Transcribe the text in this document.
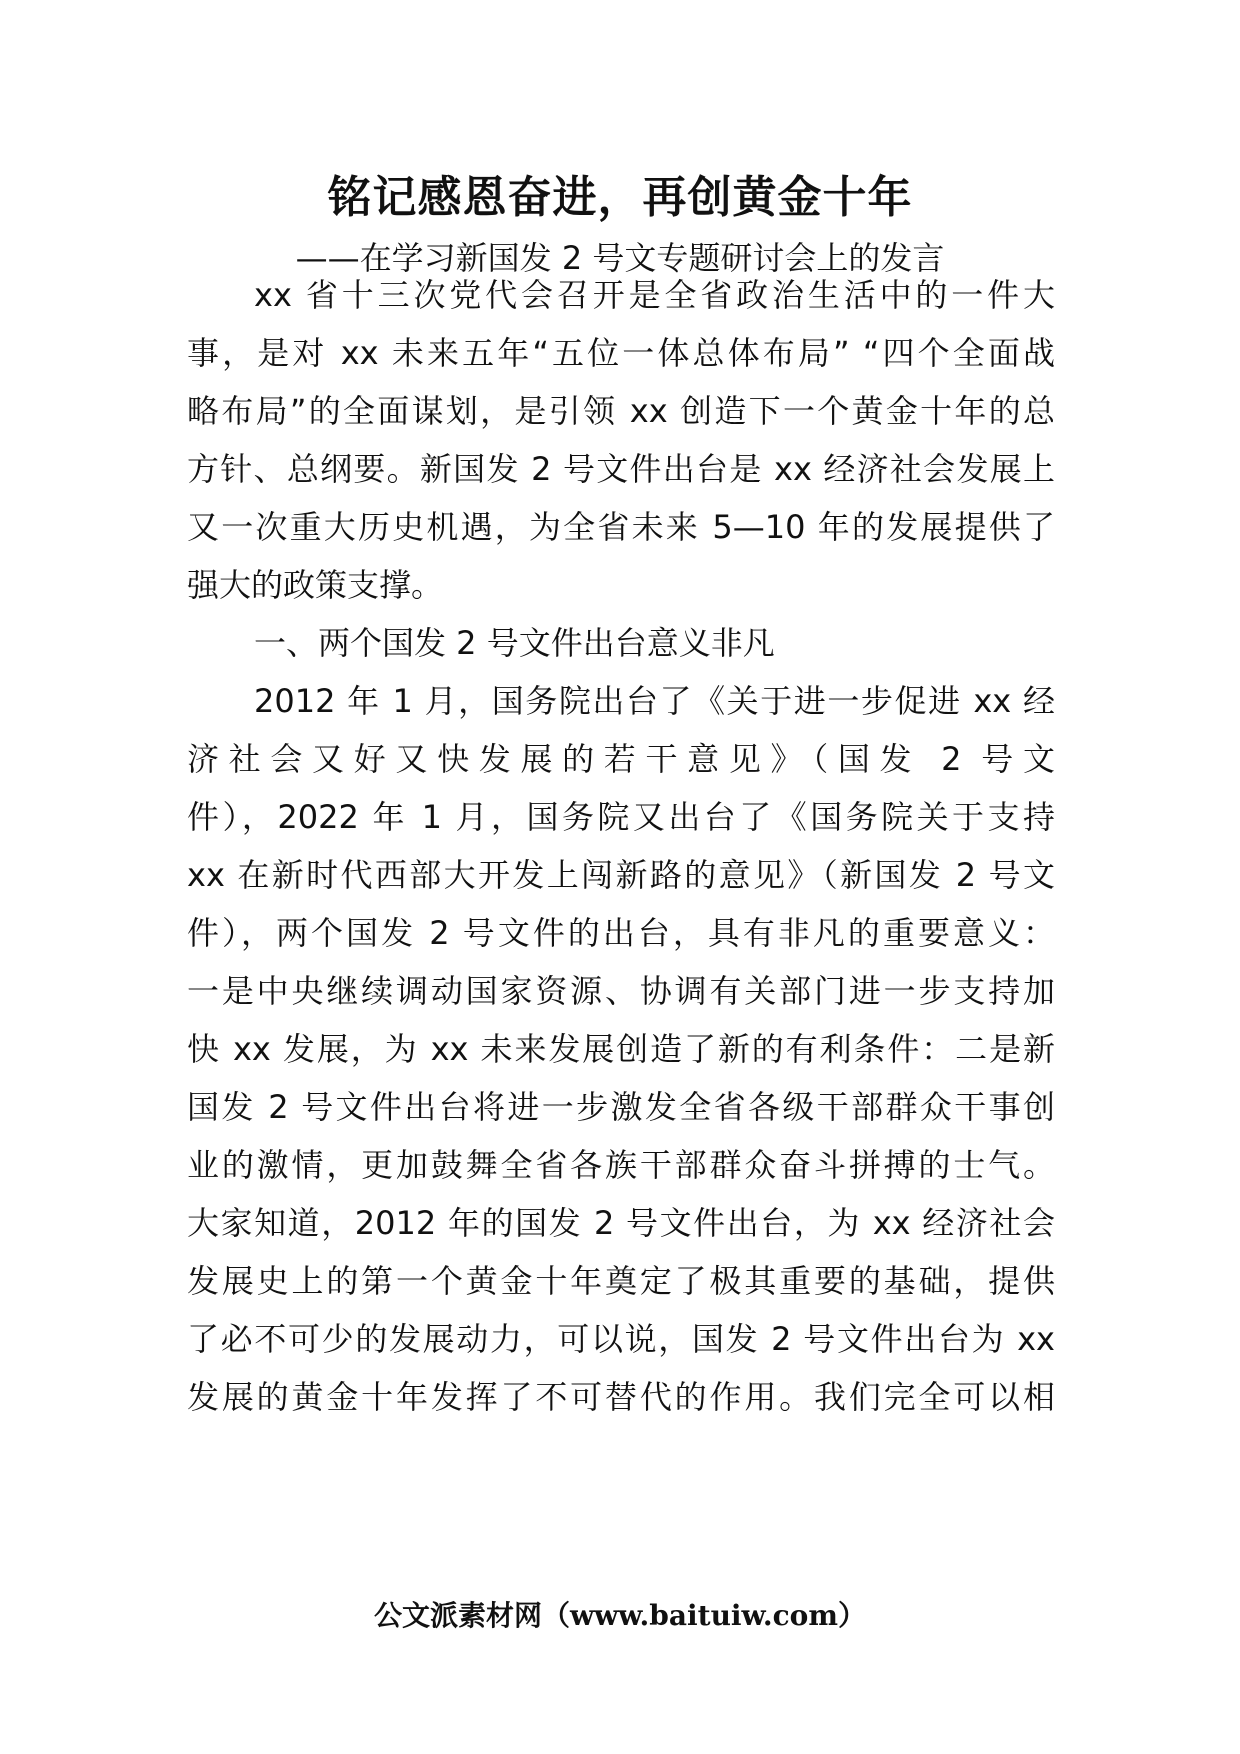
铭记感恩奋进，再创黄金十年
——在学习新国发 2 号文专题研讨会上的发言
xx 省十三次党代会召开是全省政治生活中的一件大
事，是对 xx 未来五年“五位一体总体布局” “四个全面战
略布局”的全面谋划，是引领 xx 创造下一个黄金十年的总
方针、总纲要。新国发 2 号文件出台是 xx 经济社会发展上
又一次重大历史机遇，为全省未来 5—10 年的发展提供了
强大的政策支撑。
一、两个国发 2 号文件出台意义非凡
2012 年 1 月，国务院出台了《关于进一步促进 xx 经
济社会又好又快发展的若干意见》（国发 2 号文
件），2022 年 1 月，国务院又出台了《国务院关于支持
xx 在新时代西部大开发上闯新路的意见》（新国发 2 号文
件），两个国发 2 号文件的出台，具有非凡的重要意义：
一是中央继续调动国家资源、协调有关部门进一步支持加
快 xx 发展，为 xx 未来发展创造了新的有利条件：二是新
国发 2 号文件出台将进一步激发全省各级干部群众干事创
业的激情，更加鼓舞全省各族干部群众奋斗拼搏的士气。
大家知道，2012 年的国发 2 号文件出台，为 xx 经济社会
发展史上的第一个黄金十年奠定了极其重要的基础，提供
了必不可少的发展动力，可以说，国发 2 号文件出台为 xx
发展的黄金十年发挥了不可替代的作用。我们完全可以相
公文派素材网（www.baituiw.com）
